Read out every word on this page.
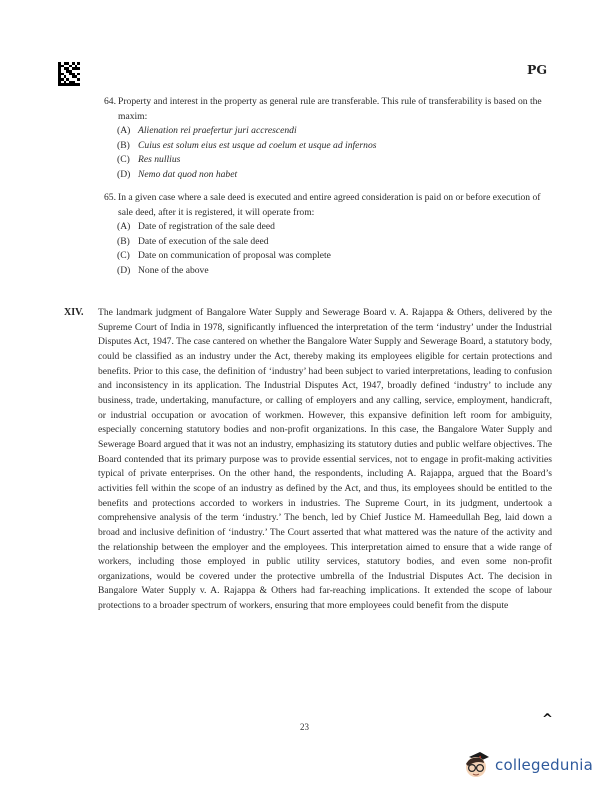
PG
64. Property and interest in the property as general rule are transferable. This rule of transferability is based on the maxim:
(A) Alienation rei praefertur juri accrescendi
(B) Cuius est solum eius est usque ad coelum et usque ad infernos
(C) Res nullius
(D) Nemo dat quod non habet
65. In a given case where a sale deed is executed and entire agreed consideration is paid on or before execution of sale deed, after it is registered, it will operate from:
(A) Date of registration of the sale deed
(B) Date of execution of the sale deed
(C) Date on communication of proposal was complete
(D) None of the above
XIV.	The landmark judgment of Bangalore Water Supply and Sewerage Board v. A. Rajappa & Others, delivered by the Supreme Court of India in 1978, significantly influenced the interpretation of the term ‘industry’ under the Industrial Disputes Act, 1947. The case cantered on whether the Bangalore Water Supply and Sewerage Board, a statutory body, could be classified as an industry under the Act, thereby making its employees eligible for certain protections and benefits. Prior to this case, the definition of ‘industry’ had been subject to varied interpretations, leading to confusion and inconsistency in its application. The Industrial Disputes Act, 1947, broadly defined ‘industry’ to include any business, trade, undertaking, manufacture, or calling of employers and any calling, service, employment, handicraft, or industrial occupation or avocation of workmen. However, this expansive definition left room for ambiguity, especially concerning statutory bodies and non-profit organizations. In this case, the Bangalore Water Supply and Sewerage Board argued that it was not an industry, emphasizing its statutory duties and public welfare objectives. The Board contended that its primary purpose was to provide essential services, not to engage in profit-making activities typical of private enterprises. On the other hand, the respondents, including A. Rajappa, argued that the Board’s activities fell within the scope of an industry as defined by the Act, and thus, its employees should be entitled to the benefits and protections accorded to workers in industries. The Supreme Court, in its judgment, undertook a comprehensive analysis of the term ‘industry.’ The bench, led by Chief Justice M. Hameedullah Beg, laid down a broad and inclusive definition of ‘industry.’ The Court asserted that what mattered was the nature of the activity and the relationship between the employer and the employees. This interpretation aimed to ensure that a wide range of workers, including those employed in public utility services, statutory bodies, and even some non-profit organizations, would be covered under the protective umbrella of the Industrial Disputes Act. The decision in Bangalore Water Supply v. A. Rajappa & Others had far-reaching implications. It extended the scope of labour protections to a broader spectrum of workers, ensuring that more employees could benefit from the dispute
23	^
collegedunia
